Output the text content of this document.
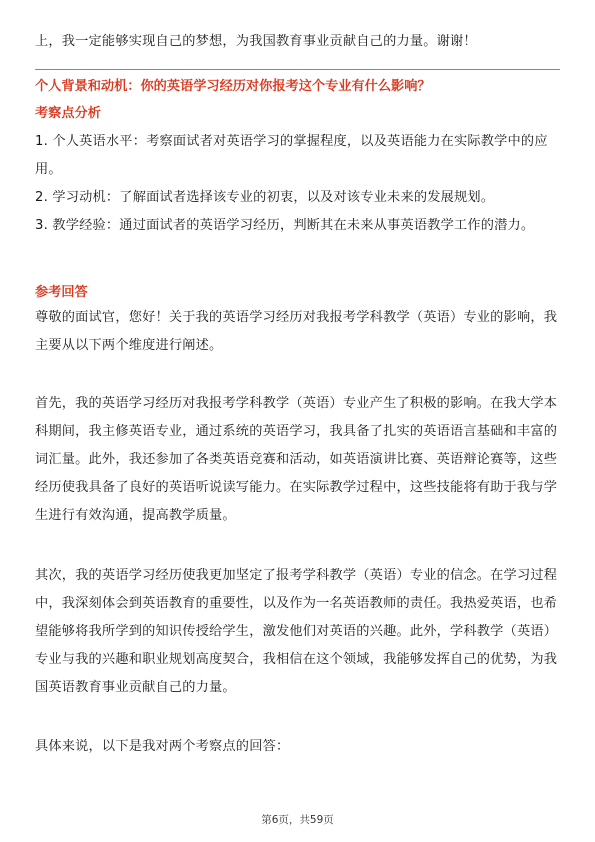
上，我一定能够实现自己的梦想，为我国教育事业贡献自己的力量。谢谢！

个人背景和动机：你的英语学习经历对你报考这个专业有什么影响？

考察点分析

1. 个人英语水平：考察面试者对英语学习的掌握程度，以及英语能力在实际教学中的应用。

2. 学习动机：了解面试者选择该专业的初衷，以及对该专业未来的发展规划。

3. 教学经验：通过面试者的英语学习经历，判断其在未来从事英语教学工作的潜力。

参考回答

尊敬的面试官，您好！关于我的英语学习经历对我报考学科教学（英语）专业的影响，我主要从以下两个维度进行阐述。

首先，我的英语学习经历对我报考学科教学（英语）专业产生了积极的影响。在我大学本科期间，我主修英语专业，通过系统的英语学习，我具备了扎实的英语语言基础和丰富的词汇量。此外，我还参加了各类英语竞赛和活动，如英语演讲比赛、英语辩论赛等，这些经历使我具备了良好的英语听说读写能力。在实际教学过程中，这些技能将有助于我与学生进行有效沟通，提高教学质量。

其次，我的英语学习经历使我更加坚定了报考学科教学（英语）专业的信念。在学习过程中，我深刻体会到英语教育的重要性，以及作为一名英语教师的责任。我热爱英语，也希望能够将我所学到的知识传授给学生，激发他们对英语的兴趣。此外，学科教学（英语）专业与我的兴趣和职业规划高度契合，我相信在这个领域，我能够发挥自己的优势，为我国英语教育事业贡献自己的力量。

具体来说，以下是我对两个考察点的回答：

第6页，共59页
